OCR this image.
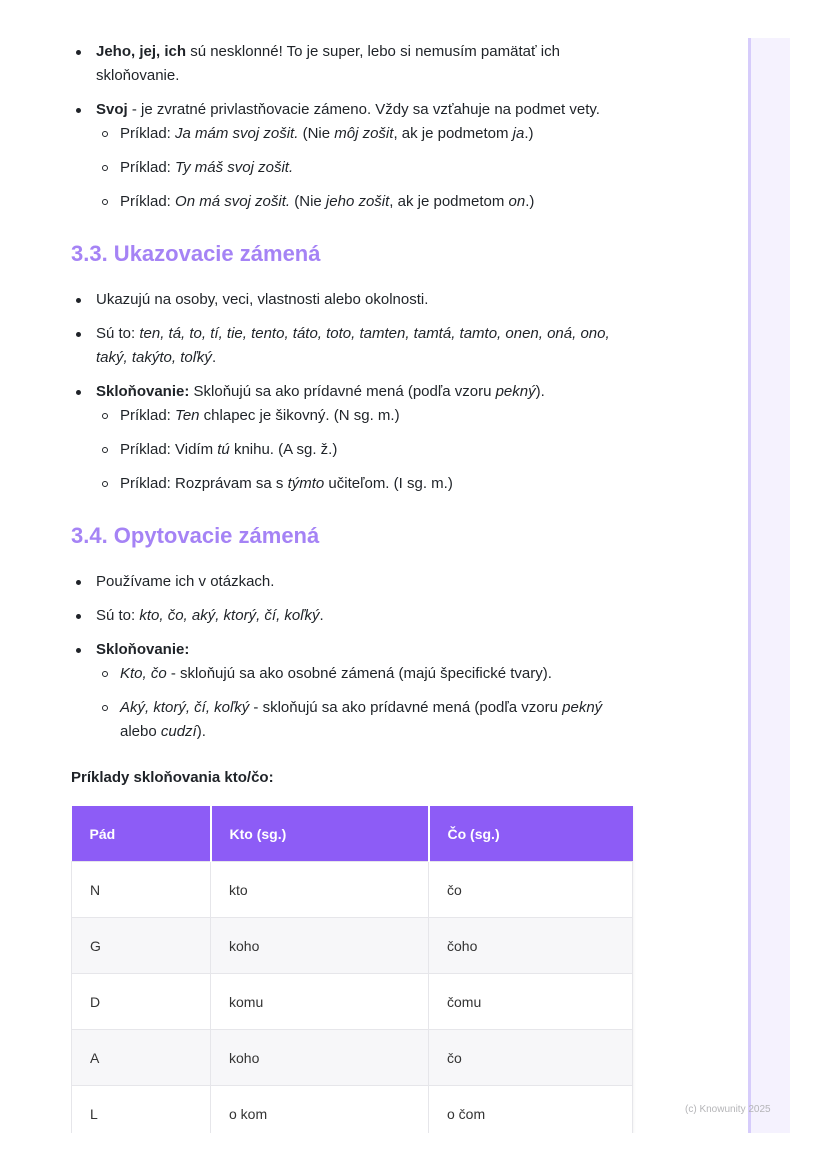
Jeho, jej, ich sú nesklonné! To je super, lebo si nemusím pamätať ich skloňovanie.
Svoj - je zvratné privlastňovacie zámeno. Vždy sa vzťahuje na podmet vety.
Príklad: Ja mám svoj zošit. (Nie môj zošit, ak je podmetom ja.)
Príklad: Ty máš svoj zošit.
Príklad: On má svoj zošit. (Nie jeho zošit, ak je podmetom on.)
3.3. Ukazovacie zámená
Ukazujú na osoby, veci, vlastnosti alebo okolnosti.
Sú to: ten, tá, to, tí, tie, tento, táto, toto, tamten, tamtá, tamto, onen, oná, ono, taký, takýto, toľký.
Skloňovanie: Skloňujú sa ako prídavné mená (podľa vzoru pekný).
Príklad: Ten chlapec je šikovný. (N sg. m.)
Príklad: Vidím tú knihu. (A sg. ž.)
Príklad: Rozprávam sa s týmto učiteľom. (I sg. m.)
3.4. Opytovacie zámená
Používame ich v otázkach.
Sú to: kto, čo, aký, ktorý, čí, koľký.
Skloňovanie:
Kto, čo - skloňujú sa ako osobné zámená (majú špecifické tvary).
Aký, ktorý, čí, koľký - skloňujú sa ako prídavné mená (podľa vzoru pekný alebo cudzí).

Príklady skloňovania kto/čo:

Pád	Kto (sg.)	Čo (sg.)
N	kto	čo
G	koho	čoho
D	komu	čomu
A	koho	čo
L	o kom	o čom	(c) Knowunity 2025
